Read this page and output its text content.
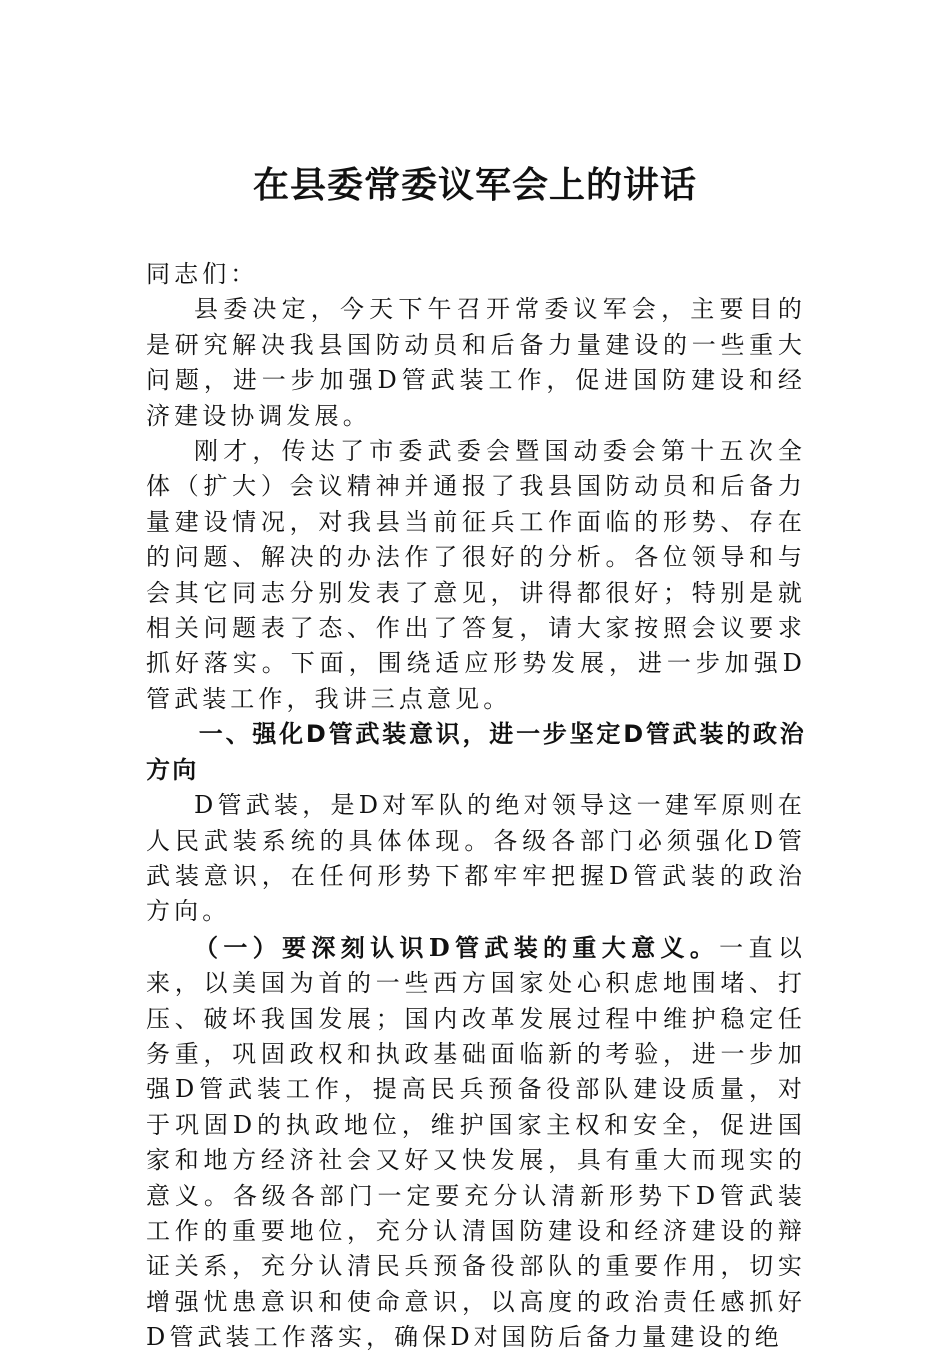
在县委常委议军会上的讲话

同志们：

县委决定，今天下午召开常委议军会，主要目的是研究解决我县国防动员和后备力量建设的一些重大问题，进一步加强D管武装工作，促进国防建设和经济建设协调发展。

刚才，传达了市委武委会暨国动委会第十五次全体（扩大）会议精神并通报了我县国防动员和后备力量建设情况，对我县当前征兵工作面临的形势、存在的问题、解决的办法作了很好的分析。各位领导和与会其它同志分别发表了意见，讲得都很好；特别是就相关问题表了态、作出了答复，请大家按照会议要求抓好落实。下面，围绕适应形势发展，进一步加强D管武装工作，我讲三点意见。

一、强化D管武装意识，进一步坚定D管武装的政治方向

D管武装，是D对军队的绝对领导这一建军原则在人民武装系统的具体体现。各级各部门必须强化D管武装意识，在任何形势下都牢牢把握D管武装的政治方向。

（一）要深刻认识D管武装的重大意义。一直以来，以美国为首的一些西方国家处心积虑地围堵、打压、破坏我国发展；国内改革发展过程中维护稳定任务重，巩固政权和执政基础面临新的考验，进一步加强D管武装工作，提高民兵预备役部队建设质量，对于巩固D的执政地位，维护国家主权和安全，促进国家和地方经济社会又好又快发展，具有重大而现实的意义。各级各部门一定要充分认清新形势下D管武装工作的重要地位，充分认清国防建设和经济建设的辩证关系，充分认清民兵预备役部队的重要作用，切实增强忧患意识和使命意识，以高度的政治责任感抓好D管武装工作落实，确保D对国防后备力量建设的绝
